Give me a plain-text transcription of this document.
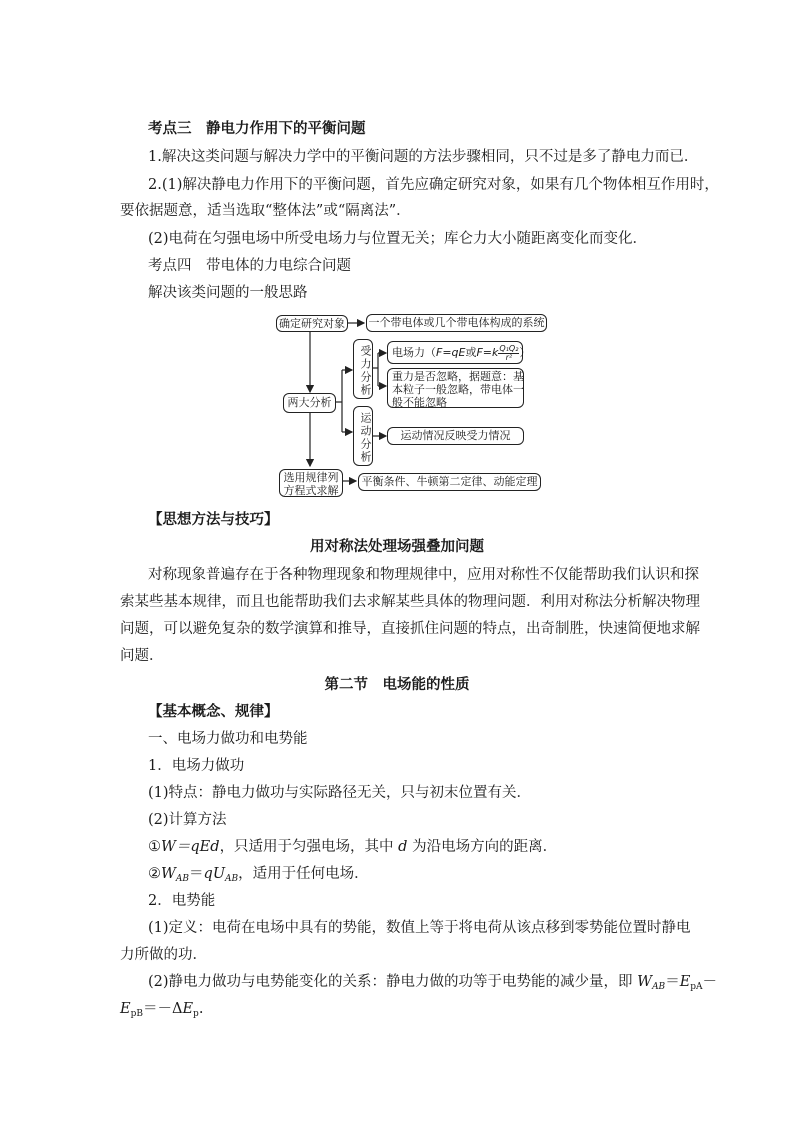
考点三　静电力作用下的平衡问题
1.解决这类问题与解决力学中的平衡问题的方法步骤相同，只不过是多了静电力而已．
2.(1)解决静电力作用下的平衡问题，首先应确定研究对象，如果有几个物体相互作用时，
要依据题意，适当选取“整体法”或“隔离法”．
(2)电荷在匀强电场中所受电场力与位置无关；库仑力大小随距离变化而变化．
考点四　带电体的力电综合问题
解决该类问题的一般思路
确定研究对象 一个带电体或几个带电体构成的系统
两大分析
受力分析
运动分析
电场力（F=qE或$F=k \frac{\text{Q₁Q₂}}{\text{r²}}$）
重力是否忽略，据题意：基
本粒子一般忽略，带电体一
般不能忽略
运动情况反映受力情况
选用规律列
方程式求解
平衡条件、牛顿第二定律、动能定理
【思想方法与技巧】
用对称法处理场强叠加问题
对称现象普遍存在于各种物理现象和物理规律中，应用对称性不仅能帮助我们认识和探
索某些基本规律，而且也能帮助我们去求解某些具体的物理问题．利用对称法分析解决物理
问题，可以避免复杂的数学演算和推导，直接抓住问题的特点，出奇制胜，快速简便地求解
问题．
第二节　电场能的性质
【基本概念、规律】
一、电场力做功和电势能
1．电场力做功
(1)特点：静电力做功与实际路径无关，只与初末位置有关．
(2)计算方法
①W＝qEd，只适用于匀强电场，其中 d 为沿电场方向的距离．
$②W_{AB}=qU_{AB}$，适用于任何电场．
2．电势能
(1)定义：电荷在电场中具有的势能，数值上等于将电荷从该点移到零势能位置时静电
力所做的功．
(2)静电力做功与电势能变化的关系：静电力做的功等于电势能的减少量，即 $W_{AB}=E_{pA}-$
$E_{pB}=-\Delta E_p$.
